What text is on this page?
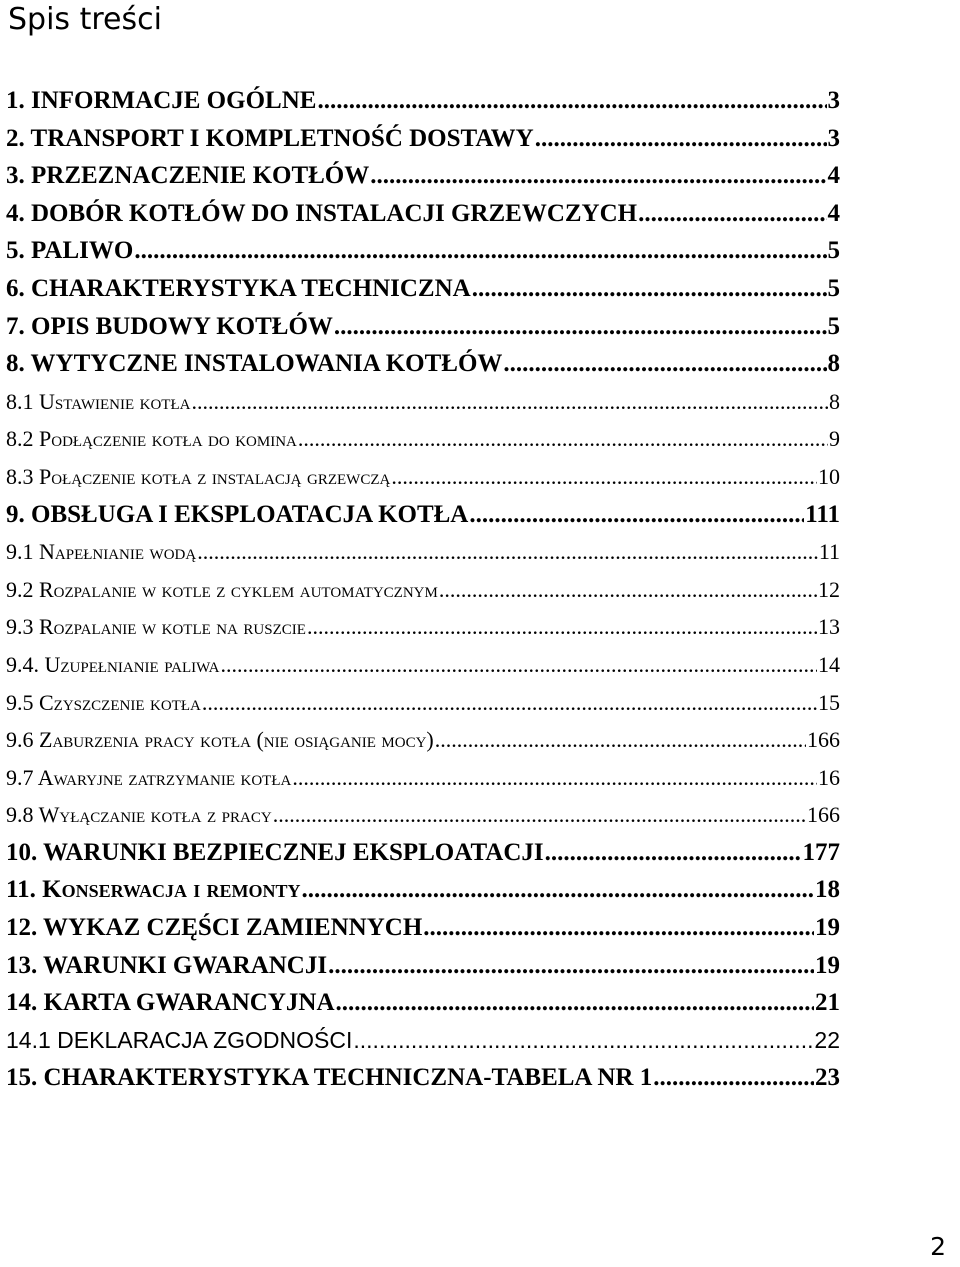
Spis treści
1. INFORMACJE OGÓLNE .....	3
2. TRANSPORT I KOMPLETNOŚĆ DOSTAWY .....	3
3. PRZEZNACZENIE KOTŁÓW .....	4
4. DOBÓR KOTŁÓW DO INSTALACJI GRZEWCZYCH .....	4
5. PALIWO .....	5
6. CHARAKTERYSTYKA TECHNICZNA .....	5
7. OPIS BUDOWY KOTŁÓW .....	5
8. WYTYCZNE INSTALOWANIA KOTŁÓW .....	8
8.1 Ustawienie kotła .....	8
8.2 Podłączenie kotła do komina .....	9
8.3 Połączenie kotła z instalacją grzewczą .....	10
9. OBSŁUGA I EKSPLOATACJA KOTŁA .....	111
9.1 Napełnianie wodą .....	11
9.2 Rozpalanie w kotle z cyklem automatycznym .....	12
9.3 Rozpalanie w kotle na ruszcie .....	13
9.4. Uzupełnianie paliwa .....	14
9.5 Czyszczenie kotła .....	15
9.6 Zaburzenia pracy kotła (nie osiąganie mocy) .....	166
9.7 Awaryjne zatrzymanie kotła .....	16
9.8 Wyłączanie kotła z pracy .....	166
10. WARUNKI BEZPIECZNEJ EKSPLOATACJI .....	177
11. Konserwacja i remonty .....	18
12. WYKAZ CZĘŚCI ZAMIENNYCH .....	19
13. WARUNKI GWARANCJI .....	19
14. KARTA GWARANCYJNA .....	21
14.1 DEKLARACJA ZGODNOŚCI .....	22
15. CHARAKTERYSTYKA TECHNICZNA-TABELA NR 1 .....	23
2
